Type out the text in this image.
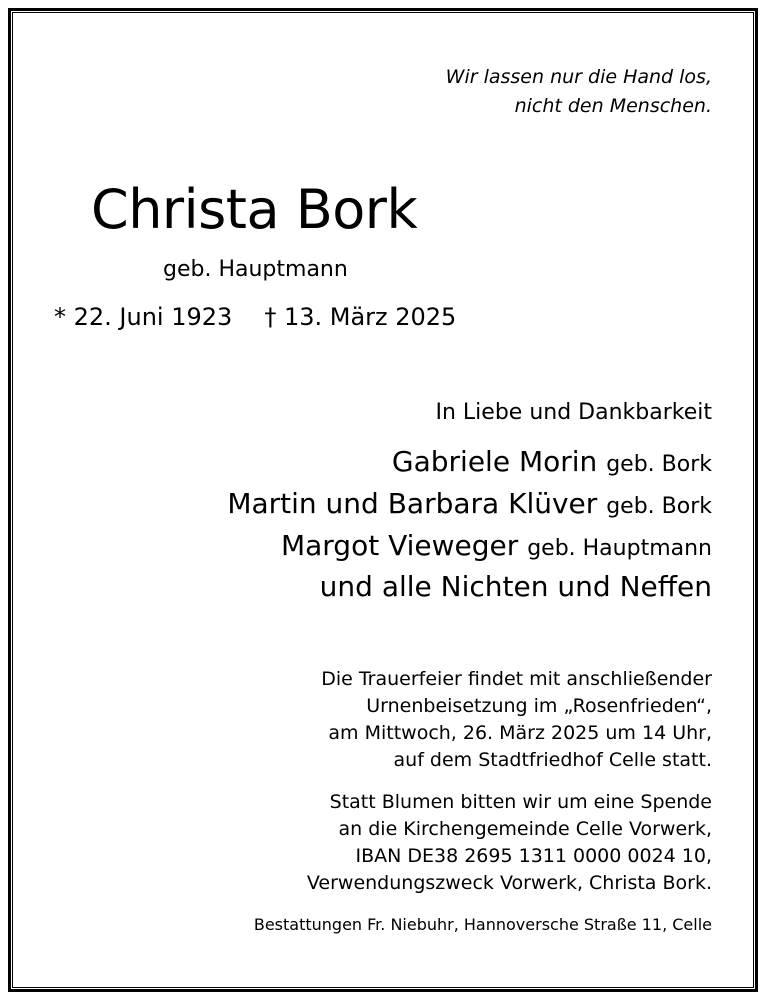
Wir lassen nur die Hand los,
nicht den Menschen.
Christa Bork
geb. Hauptmann
* 22. Juni 1923 † 13. März 2025
In Liebe und Dankbarkeit
Gabriele Morin geb. Bork
Martin und Barbara Klüver geb. Bork
Margot Vieweger geb. Hauptmann
und alle Nichten und Neffen
Die Trauerfeier findet mit anschließender
Urnenbeisetzung im „Rosenfrieden“,
am Mittwoch, 26. März 2025 um 14 Uhr,
auf dem Stadtfriedhof Celle statt.
Statt Blumen bitten wir um eine Spende
an die Kirchengemeinde Celle Vorwerk,
IBAN DE38 2695 1311 0000 0024 10,
Verwendungszweck Vorwerk, Christa Bork.
Bestattungen Fr. Niebuhr, Hannoversche Straße 11, Celle
